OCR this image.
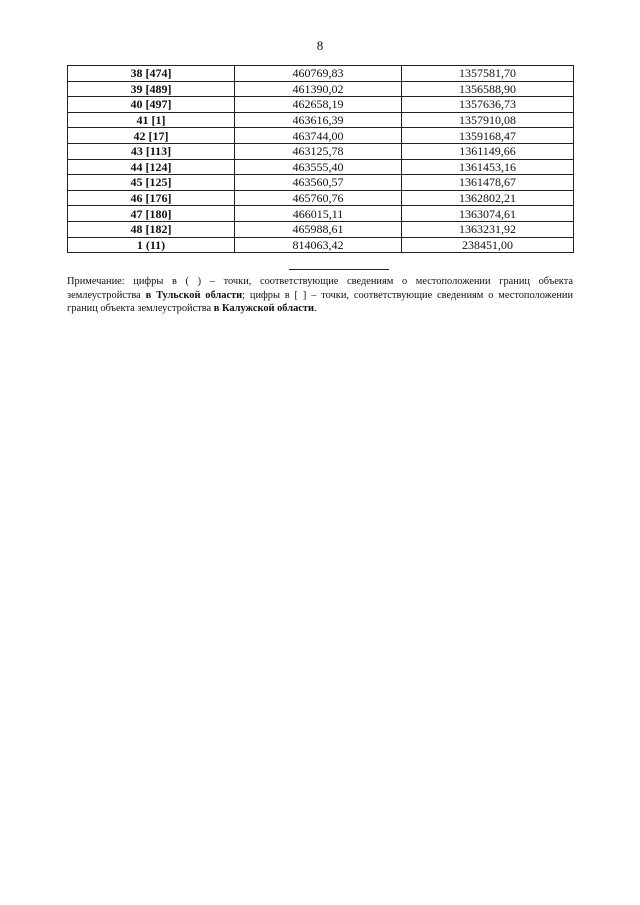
8
38 [474]	460769,83	1357581,70
39 [489]	461390,02	1356588,90
40 [497]	462658,19	1357636,73
41 [1]	463616,39	1357910,08
42 [17]	463744,00	1359168,47
43 [113]	463125,78	1361149,66
44 [124]	463555,40	1361453,16
45 [125]	463560,57	1361478,67
46 [176]	465760,76	1362802,21
47 [180]	466015,11	1363074,61
48 [182]	465988,61	1363231,92
1 (11)	814063,42	238451,00

Примечание: цифры в ( ) – точки, соответствующие сведениям о местоположении границ объекта землеустройства в Тульской области; цифры в [ ] – точки, соответствующие сведениям о местоположении границ объекта землеустройства в Калужской области.
